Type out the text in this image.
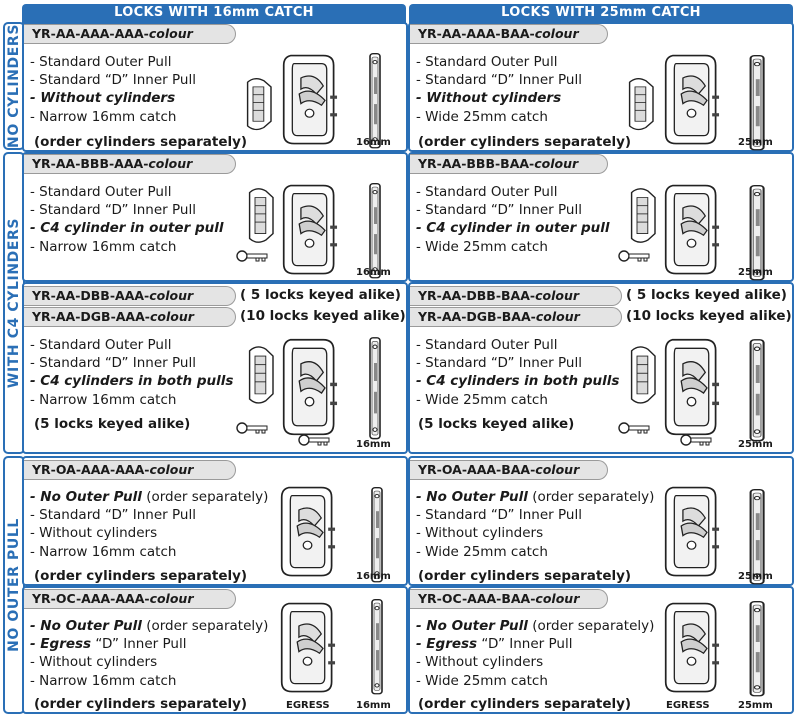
LOCKS WITH 16mm CATCH	LOCKS WITH 25mm CATCH
NO CYLINDERS
WITH C4 CYLINDERS
NO OUTER PULL
YR-AA-AAA-AAA-colour
- Standard Outer Pull
- Standard “D” Inner Pull
- Without cylinders
- Narrow 16mm catch
(order cylinders separately)	16mm
YR-AA-AAA-BAA-colour
- Standard Outer Pull
- Standard “D” Inner Pull
- Without cylinders
- Wide 25mm catch
(order cylinders separately)	25mm
YR-AA-BBB-AAA-colour
- Standard Outer Pull
- Standard “D” Inner Pull
- C4 cylinder in outer pull
- Narrow 16mm catch
16mm
YR-AA-BBB-BAA-colour
- Standard Outer Pull
- Standard “D” Inner Pull
- C4 cylinder in outer pull
- Wide 25mm catch
25mm
YR-AA-DBB-AAA-colour	( 5 locks keyed alike)
YR-AA-DGB-AAA-colour	(10 locks keyed alike)
- Standard Outer Pull
- Standard “D” Inner Pull
- C4 cylinders in both pulls
- Narrow 16mm catch
(5 locks keyed alike)
16mm
YR-AA-DBB-BAA-colour	( 5 locks keyed alike)
YR-AA-DGB-BAA-colour	(10 locks keyed alike)
- Standard Outer Pull
- Standard “D” Inner Pull
- C4 cylinders in both pulls
- Wide 25mm catch
(5 locks keyed alike)
25mm
YR-OA-AAA-AAA-colour
- No Outer Pull (order separately)
- Standard “D” Inner Pull
- Without cylinders
- Narrow 16mm catch
(order cylinders separately)	16mm
YR-OA-AAA-BAA-colour
- No Outer Pull (order separately)
- Standard “D” Inner Pull
- Without cylinders
- Wide 25mm catch
(order cylinders separately)	25mm
YR-OC-AAA-AAA-colour
- No Outer Pull (order separately)
- Egress “D” Inner Pull
- Without cylinders
- Narrow 16mm catch
(order cylinders separately)	EGRESS	16mm
YR-OC-AAA-BAA-colour
- No Outer Pull (order separately)
- Egress “D” Inner Pull
- Without cylinders
- Wide 25mm catch
(order cylinders separately)	EGRESS	25mm
